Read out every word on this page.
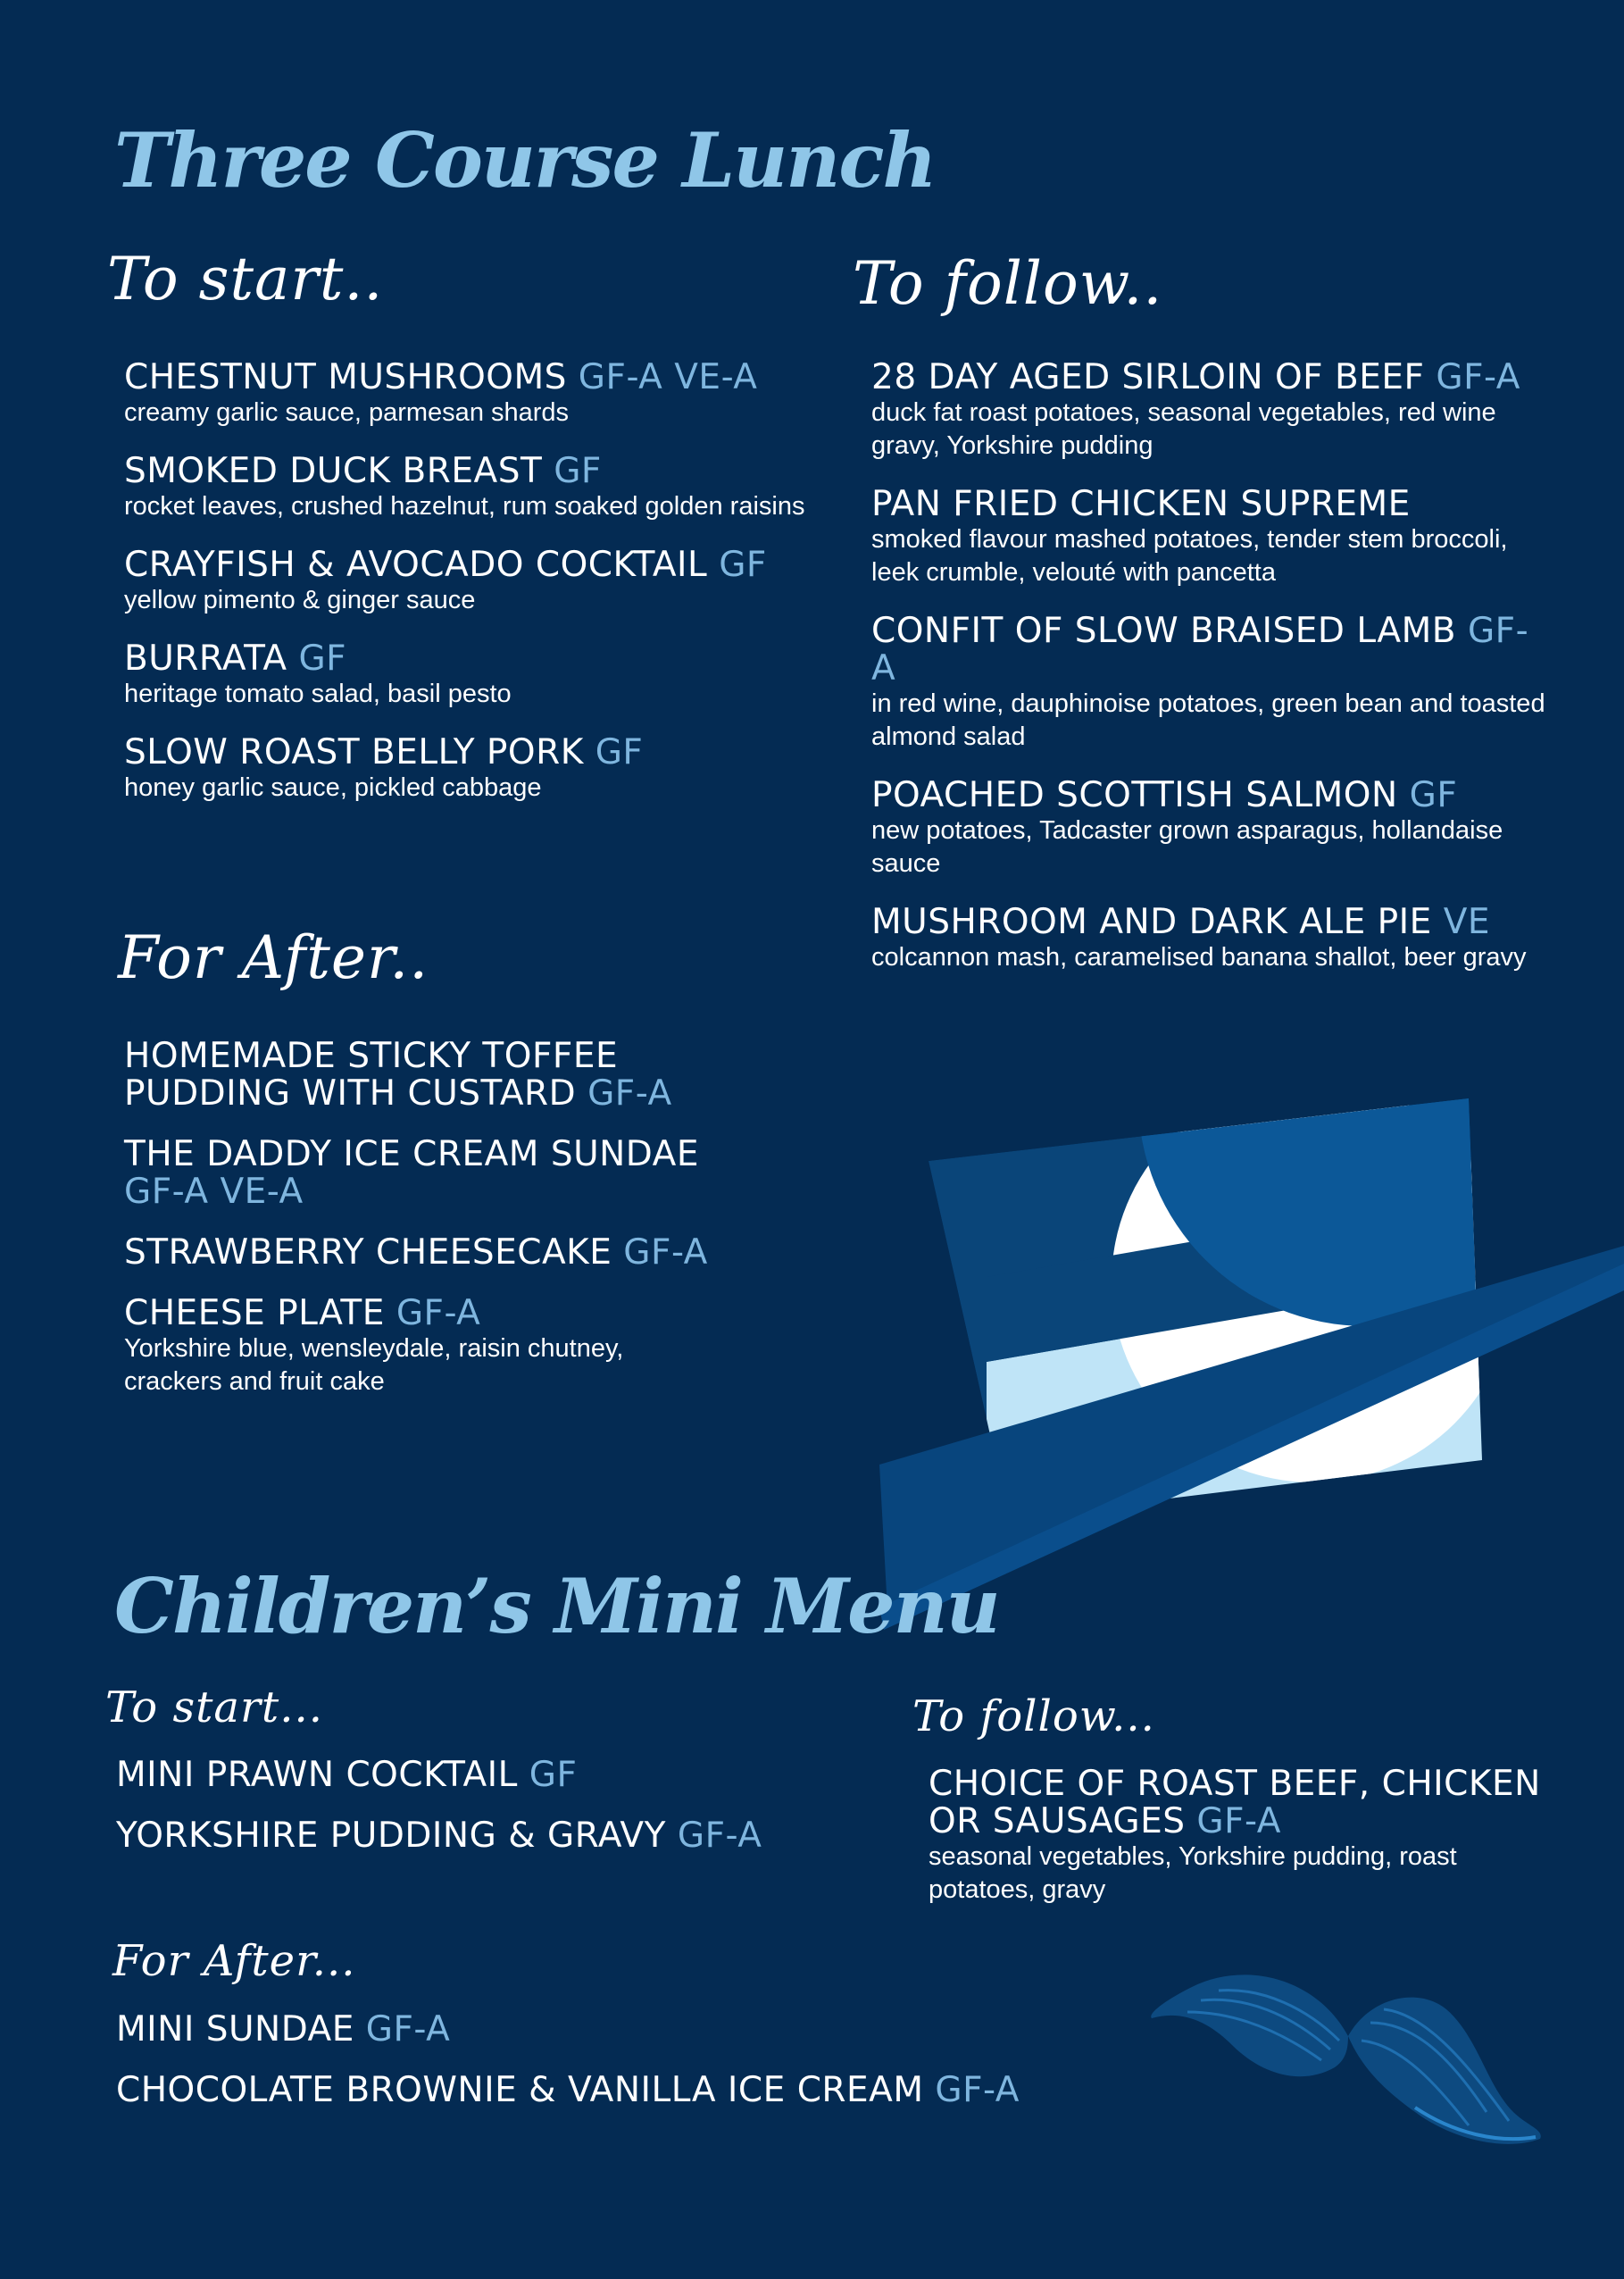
Three Course Lunch
To start..

CHESTNUT MUSHROOMS GF-A VE-A

creamy garlic sauce, parmesan shards

SMOKED DUCK BREAST GF

rocket leaves, crushed hazelnut, rum soaked golden raisins

CRAYFISH & AVOCADO COCKTAIL GF

yellow pimento & ginger sauce

BURRATA GF

heritage tomato salad, basil pesto

SLOW ROAST BELLY PORK GF

honey garlic sauce, pickled cabbage

To follow..

28 DAY AGED SIRLOIN OF BEEF GF-A

duck fat roast potatoes, seasonal vegetables, red wine gravy, Yorkshire pudding

PAN FRIED CHICKEN SUPREME

smoked flavour mashed potatoes, tender stem broccoli, leek crumble, velouté with pancetta

CONFIT OF SLOW BRAISED LAMB GF-A

in red wine, dauphinoise potatoes, green bean and toasted almond salad

POACHED SCOTTISH SALMON GF

new potatoes, Tadcaster grown asparagus, hollandaise sauce

MUSHROOM AND DARK ALE PIE VE

colcannon mash, caramelised banana shallot, beer gravy

For After..

HOMEMADE STICKY TOFFEE PUDDING WITH CUSTARD GF-A

THE DADDY ICE CREAM SUNDAE GF-A VE-A

STRAWBERRY CHEESECAKE GF-A

CHEESE PLATE GF-A

Yorkshire blue, wensleydale, raisin chutney, crackers and fruit cake

Children’s Mini Menu
To start...

MINI PRAWN COCKTAIL GF

YORKSHIRE PUDDING & GRAVY GF-A

To follow...

CHOICE OF ROAST BEEF, CHICKEN OR SAUSAGES GF-A

seasonal vegetables, Yorkshire pudding, roast potatoes, gravy

For After...

MINI SUNDAE GF-A

CHOCOLATE BROWNIE & VANILLA ICE CREAM GF-A
